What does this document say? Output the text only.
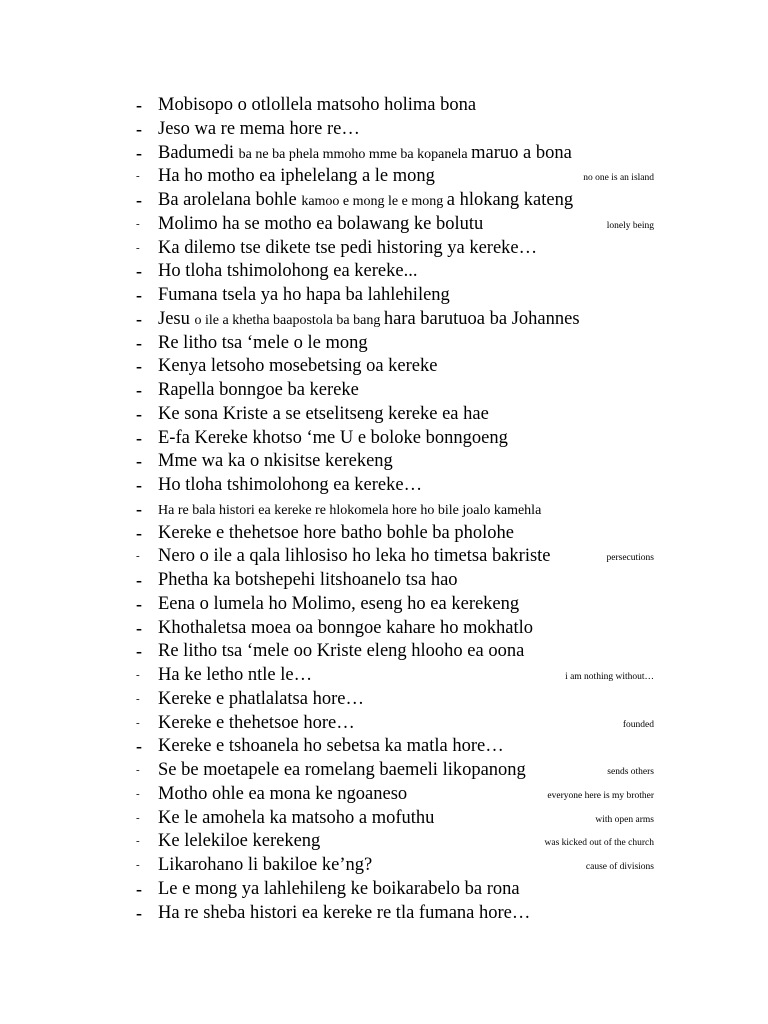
- Mobisopo o otlollela matsoho holima bona
- Jeso wa re mema hore re…
- Badumedi ba ne ba phela mmoho mme ba kopanela maruo a bona
- Ha ho motho ea iphelelang a le mong	no one is an island
- Ba arolelana bohle kamoo e mong le e mong a hlokang kateng
- Molimo ha se motho ea bolawang ke bolutu	lonely being
- Ka dilemo tse dikete tse pedi historing ya kereke…
- Ho tloha tshimolohong ea kereke...
- Fumana tsela ya ho hapa ba lahlehileng
- Jesu o ile a khetha baapostola ba bang hara barutuoa ba Johannes
- Re litho tsa ‘mele o le mong
- Kenya letsoho mosebetsing oa kereke
- Rapella bonngoe ba kereke
- Ke sona Kriste a se etselitseng kereke ea hae
- E-fa Kereke khotso ‘me U e boloke bonngoeng
- Mme wa ka o nkisitse kerekeng
- Ho tloha tshimolohong ea kereke…
-	Ha re bala histori ea kereke re hlokomela hore ho bile joalo kamehla
- Kereke e thehetsoe hore batho bohle ba pholohe
- Nero o ile a qala lihlosiso ho leka ho timetsa bakriste	persecutions
- Phetha ka botshepehi litshoanelo tsa hao
- Eena o lumela ho Molimo, eseng ho ea kerekeng
- Khothaletsa moea oa bonngoe kahare ho mokhatlo
- Re litho tsa ‘mele oo Kriste eleng hlooho ea oona
- Ha ke letho ntle le…	i am nothing without…
- Kereke e phatlalatsa hore…
- Kereke e thehetsoe hore…	founded
- Kereke e tshoanela ho sebetsa ka matla hore…
- Se be moetapele ea romelang baemeli likopanong	sends others
- Motho ohle ea mona ke ngoaneso	everyone here is my brother
- Ke le amohela ka matsoho a mofuthu	with open arms
- Ke lelekiloe kerekeng	was kicked out of the church
- Likarohano li bakiloe ke’ng?	cause of divisions
- Le e mong ya lahlehileng ke boikarabelo ba rona
- Ha re sheba histori ea kereke re tla fumana hore…
